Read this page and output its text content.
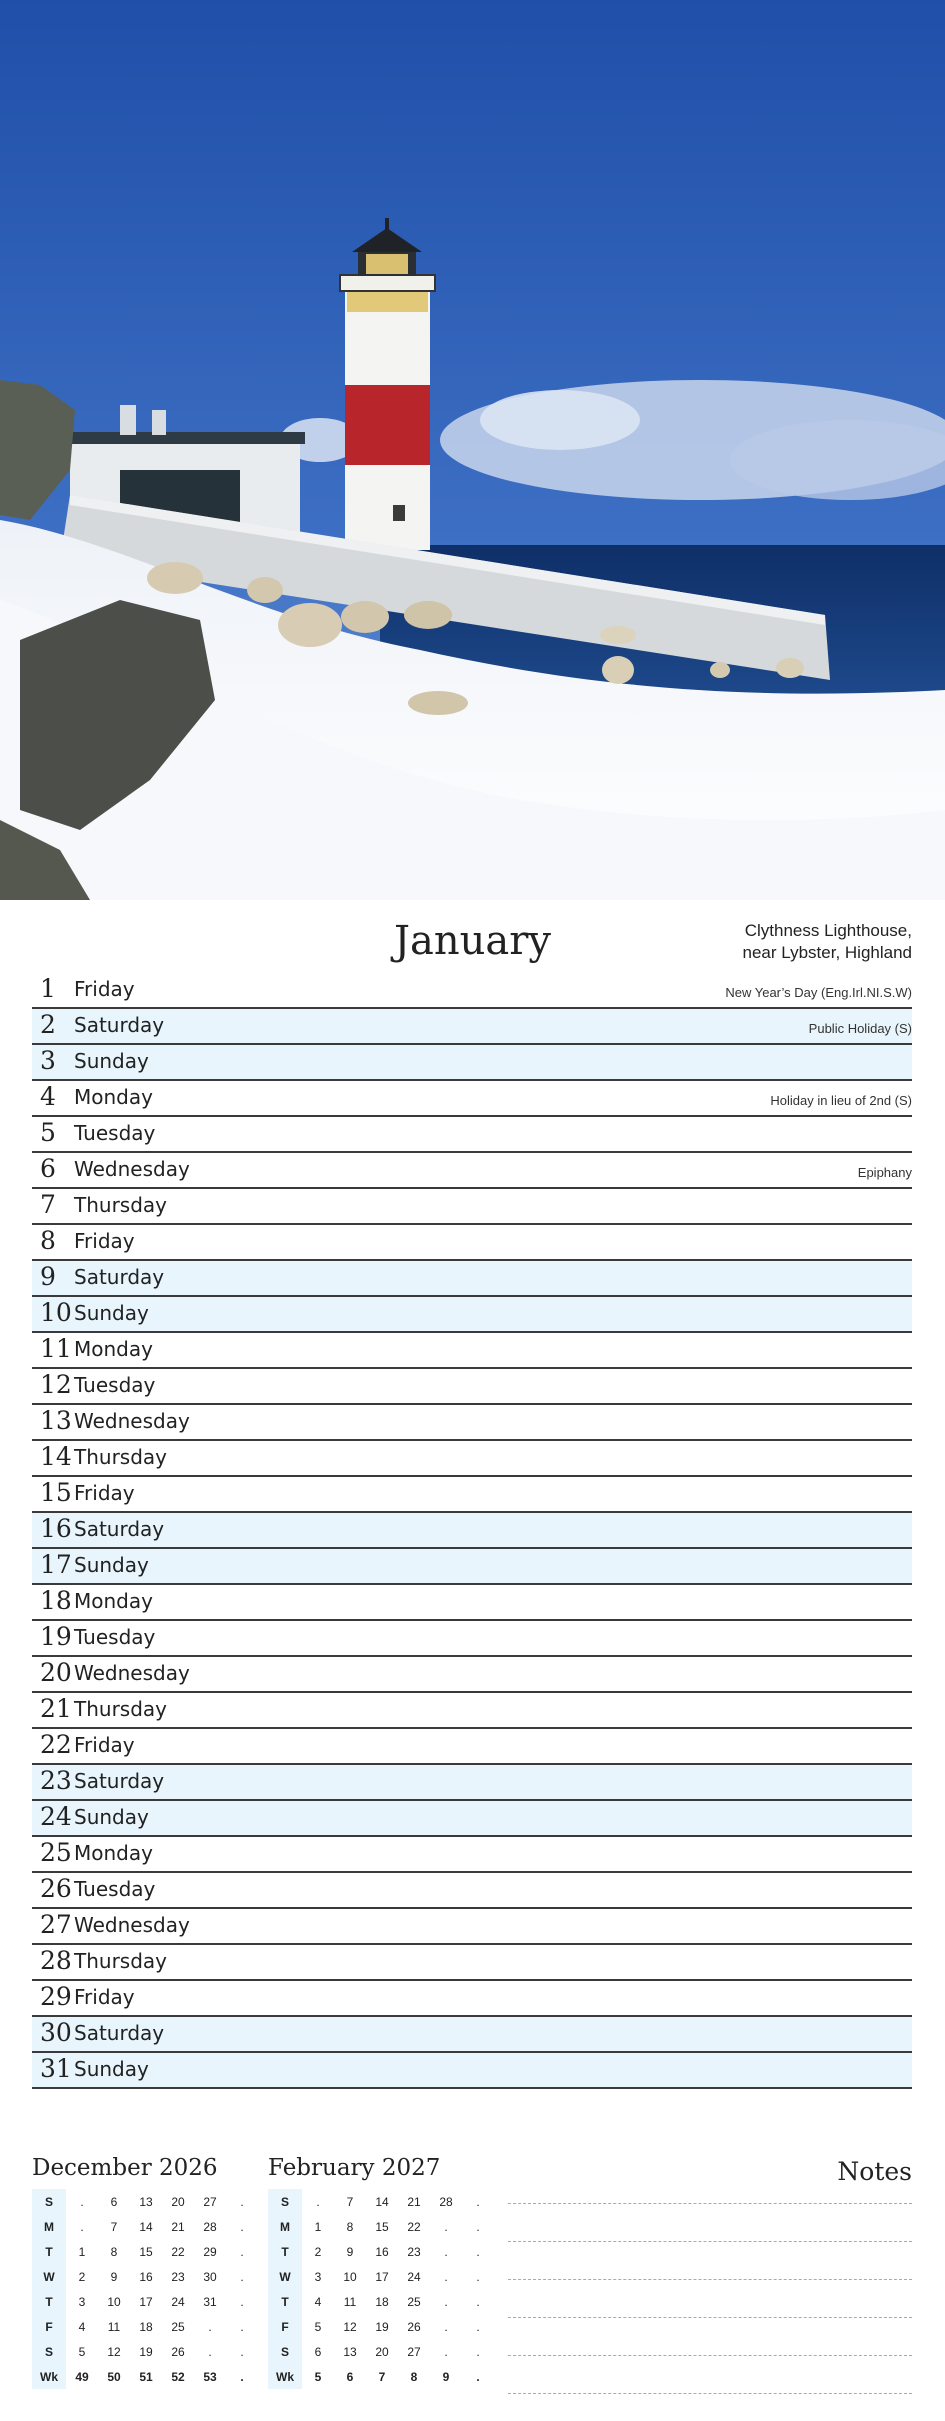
January	Clythness Lighthouse,
near Lybster, Highland
1 Friday	New Year’s Day (Eng.Irl.NI.S.W)
2 Saturday	Public Holiday (S)
3 Sunday
4 Monday	Holiday in lieu of 2nd (S)
5 Tuesday
6 Wednesday	Epiphany
7 Thursday
8 Friday
9 Saturday
10 Sunday
11 Monday
12 Tuesday
13 Wednesday
14 Thursday
15 Friday
16 Saturday
17 Sunday
18 Monday
19 Tuesday
20 Wednesday
21 Thursday
22 Friday
23 Saturday
24 Sunday
25 Monday
26 Tuesday
27 Wednesday
28 Thursday
29 Friday
30 Saturday
31 Sunday
December 2026
S	.	6	13	20	27	.
M	.	7	14	21	28	.
T	1	8	15	22	29	.
W	2	9	16	23	30	.
T	3	10	17	24	31	.
F	4	11	18	25	.	.
S	5	12	19	26	.	.
Wk	49	50	51	52	53	.
February 2027
S	.	7	14	21	28	.
M	1	8	15	22	.	.
T	2	9	16	23	.	.
W	3	10	17	24	.	.
T	4	11	18	25	.	.
F	5	12	19	26	.	.
S	6	13	20	27	.	.
Wk	5	6	7	8	9	.
Notes
